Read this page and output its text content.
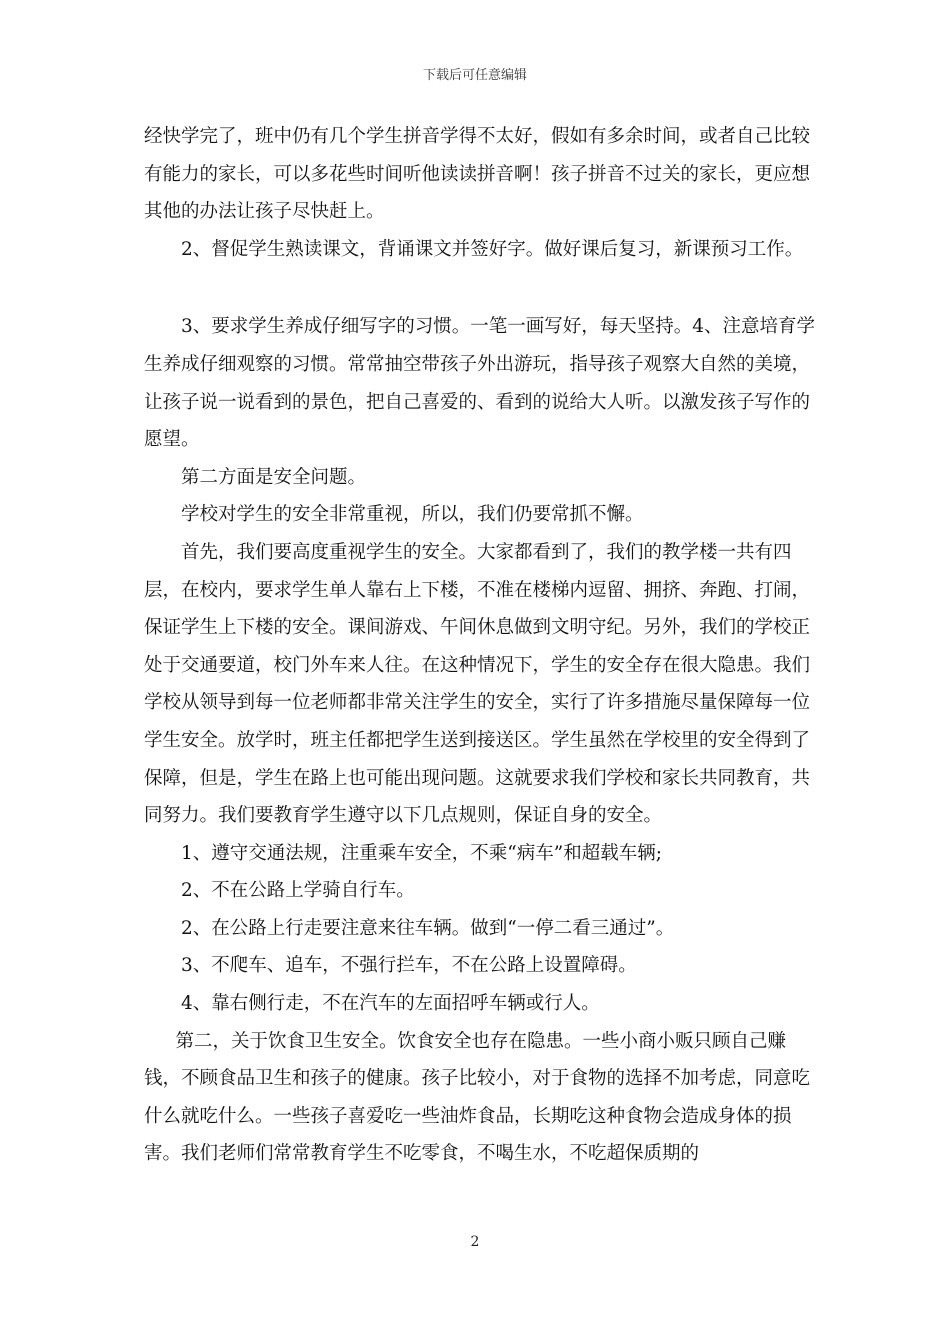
下载后可任意编辑

经快学完了，班中仍有几个学生拼音学得不太好，假如有多余时间，或者自己比较有能力的家长，可以多花些时间听他读读拼音啊！孩子拼音不过关的家长，更应想其他的办法让孩子尽快赶上。

2、督促学生熟读课文，背诵课文并签好字。做好课后复习，新课预习工作。

3、要求学生养成仔细写字的习惯。一笔一画写好，每天坚持。4、注意培育学生养成仔细观察的习惯。常常抽空带孩子外出游玩，指导孩子观察大自然的美境，让孩子说一说看到的景色，把自己喜爱的、看到的说给大人听。以激发孩子写作的愿望。

第二方面是安全问题。

学校对学生的安全非常重视，所以，我们仍要常抓不懈。

首先，我们要高度重视学生的安全。大家都看到了，我们的教学楼一共有四层，在校内，要求学生单人靠右上下楼，不准在楼梯内逗留、拥挤、奔跑、打闹，保证学生上下楼的安全。课间游戏、午间休息做到文明守纪。另外，我们的学校正处于交通要道，校门外车来人往。在这种情况下，学生的安全存在很大隐患。我们学校从领导到每一位老师都非常关注学生的安全，实行了许多措施尽量保障每一位学生安全。放学时，班主任都把学生送到接送区。学生虽然在学校里的安全得到了保障，但是，学生在路上也可能出现问题。这就要求我们学校和家长共同教育，共同努力。我们要教育学生遵守以下几点规则，保证自身的安全。

1、遵守交通法规，注重乘车安全，不乘“病车”和超载车辆;

2、不在公路上学骑自行车。

2、在公路上行走要注意来往车辆。做到“一停二看三通过”。

3、不爬车、追车，不强行拦车，不在公路上设置障碍。

4、靠右侧行走，不在汽车的左面招呼车辆或行人。

第二，关于饮食卫生安全。饮食安全也存在隐患。一些小商小贩只顾自己赚钱，不顾食品卫生和孩子的健康。孩子比较小，对于食物的选择不加考虑，同意吃什么就吃什么。一些孩子喜爱吃一些油炸食品，长期吃这种食物会造成身体的损害。我们老师们常常教育学生不吃零食，不喝生水，不吃超保质期的

2
